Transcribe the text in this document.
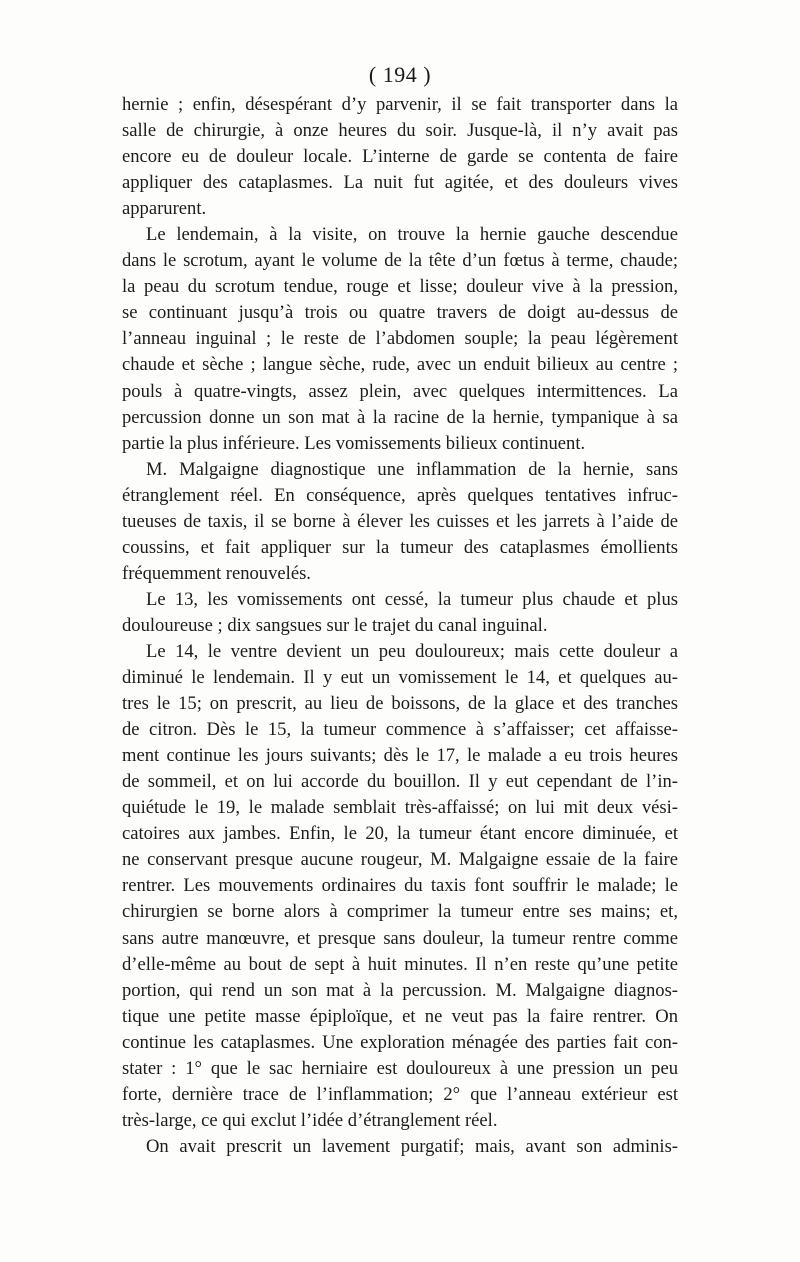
( 194 )
hernie ; enfin, désespérant d’y parvenir, il se fait transporter dans la
salle de chirurgie, à onze heures du soir. Jusque-là, il n’y avait pas
encore eu de douleur locale. L’interne de garde se contenta de faire
appliquer des cataplasmes. La nuit fut agitée, et des douleurs vives
apparurent.
Le lendemain, à la visite, on trouve la hernie gauche descendue
dans le scrotum, ayant le volume de la tête d’un fœtus à terme, chaude;
la peau du scrotum tendue, rouge et lisse; douleur vive à la pression,
se continuant jusqu’à trois ou quatre travers de doigt au-dessus de
l’anneau inguinal ; le reste de l’abdomen souple; la peau légèrement
chaude et sèche ; langue sèche, rude, avec un enduit bilieux au centre ;
pouls à quatre-vingts, assez plein, avec quelques intermittences. La
percussion donne un son mat à la racine de la hernie, tympanique à sa
partie la plus inférieure. Les vomissements bilieux continuent.
M. Malgaigne diagnostique une inflammation de la hernie, sans
étranglement réel. En conséquence, après quelques tentatives infruc-
tueuses de taxis, il se borne à élever les cuisses et les jarrets à l’aide de
coussins, et fait appliquer sur la tumeur des cataplasmes émollients
fréquemment renouvelés.
Le 13, les vomissements ont cessé, la tumeur plus chaude et plus
douloureuse ; dix sangsues sur le trajet du canal inguinal.
Le 14, le ventre devient un peu douloureux; mais cette douleur a
diminué le lendemain. Il y eut un vomissement le 14, et quelques au-
tres le 15; on prescrit, au lieu de boissons, de la glace et des tranches
de citron. Dès le 15, la tumeur commence à s’affaisser; cet affaisse-
ment continue les jours suivants; dès le 17, le malade a eu trois heures
de sommeil, et on lui accorde du bouillon. Il y eut cependant de l’in-
quiétude le 19, le malade semblait très-affaissé; on lui mit deux vési-
catoires aux jambes. Enfin, le 20, la tumeur étant encore diminuée, et
ne conservant presque aucune rougeur, M. Malgaigne essaie de la faire
rentrer. Les mouvements ordinaires du taxis font souffrir le malade; le
chirurgien se borne alors à comprimer la tumeur entre ses mains; et,
sans autre manœuvre, et presque sans douleur, la tumeur rentre comme
d’elle-même au bout de sept à huit minutes. Il n’en reste qu’une petite
portion, qui rend un son mat à la percussion. M. Malgaigne diagnos-
tique une petite masse épiploïque, et ne veut pas la faire rentrer. On
continue les cataplasmes. Une exploration ménagée des parties fait con-
stater : 1° que le sac herniaire est douloureux à une pression un peu
forte, dernière trace de l’inflammation; 2° que l’anneau extérieur est
très-large, ce qui exclut l’idée d’étranglement réel.
On avait prescrit un lavement purgatif; mais, avant son adminis-
